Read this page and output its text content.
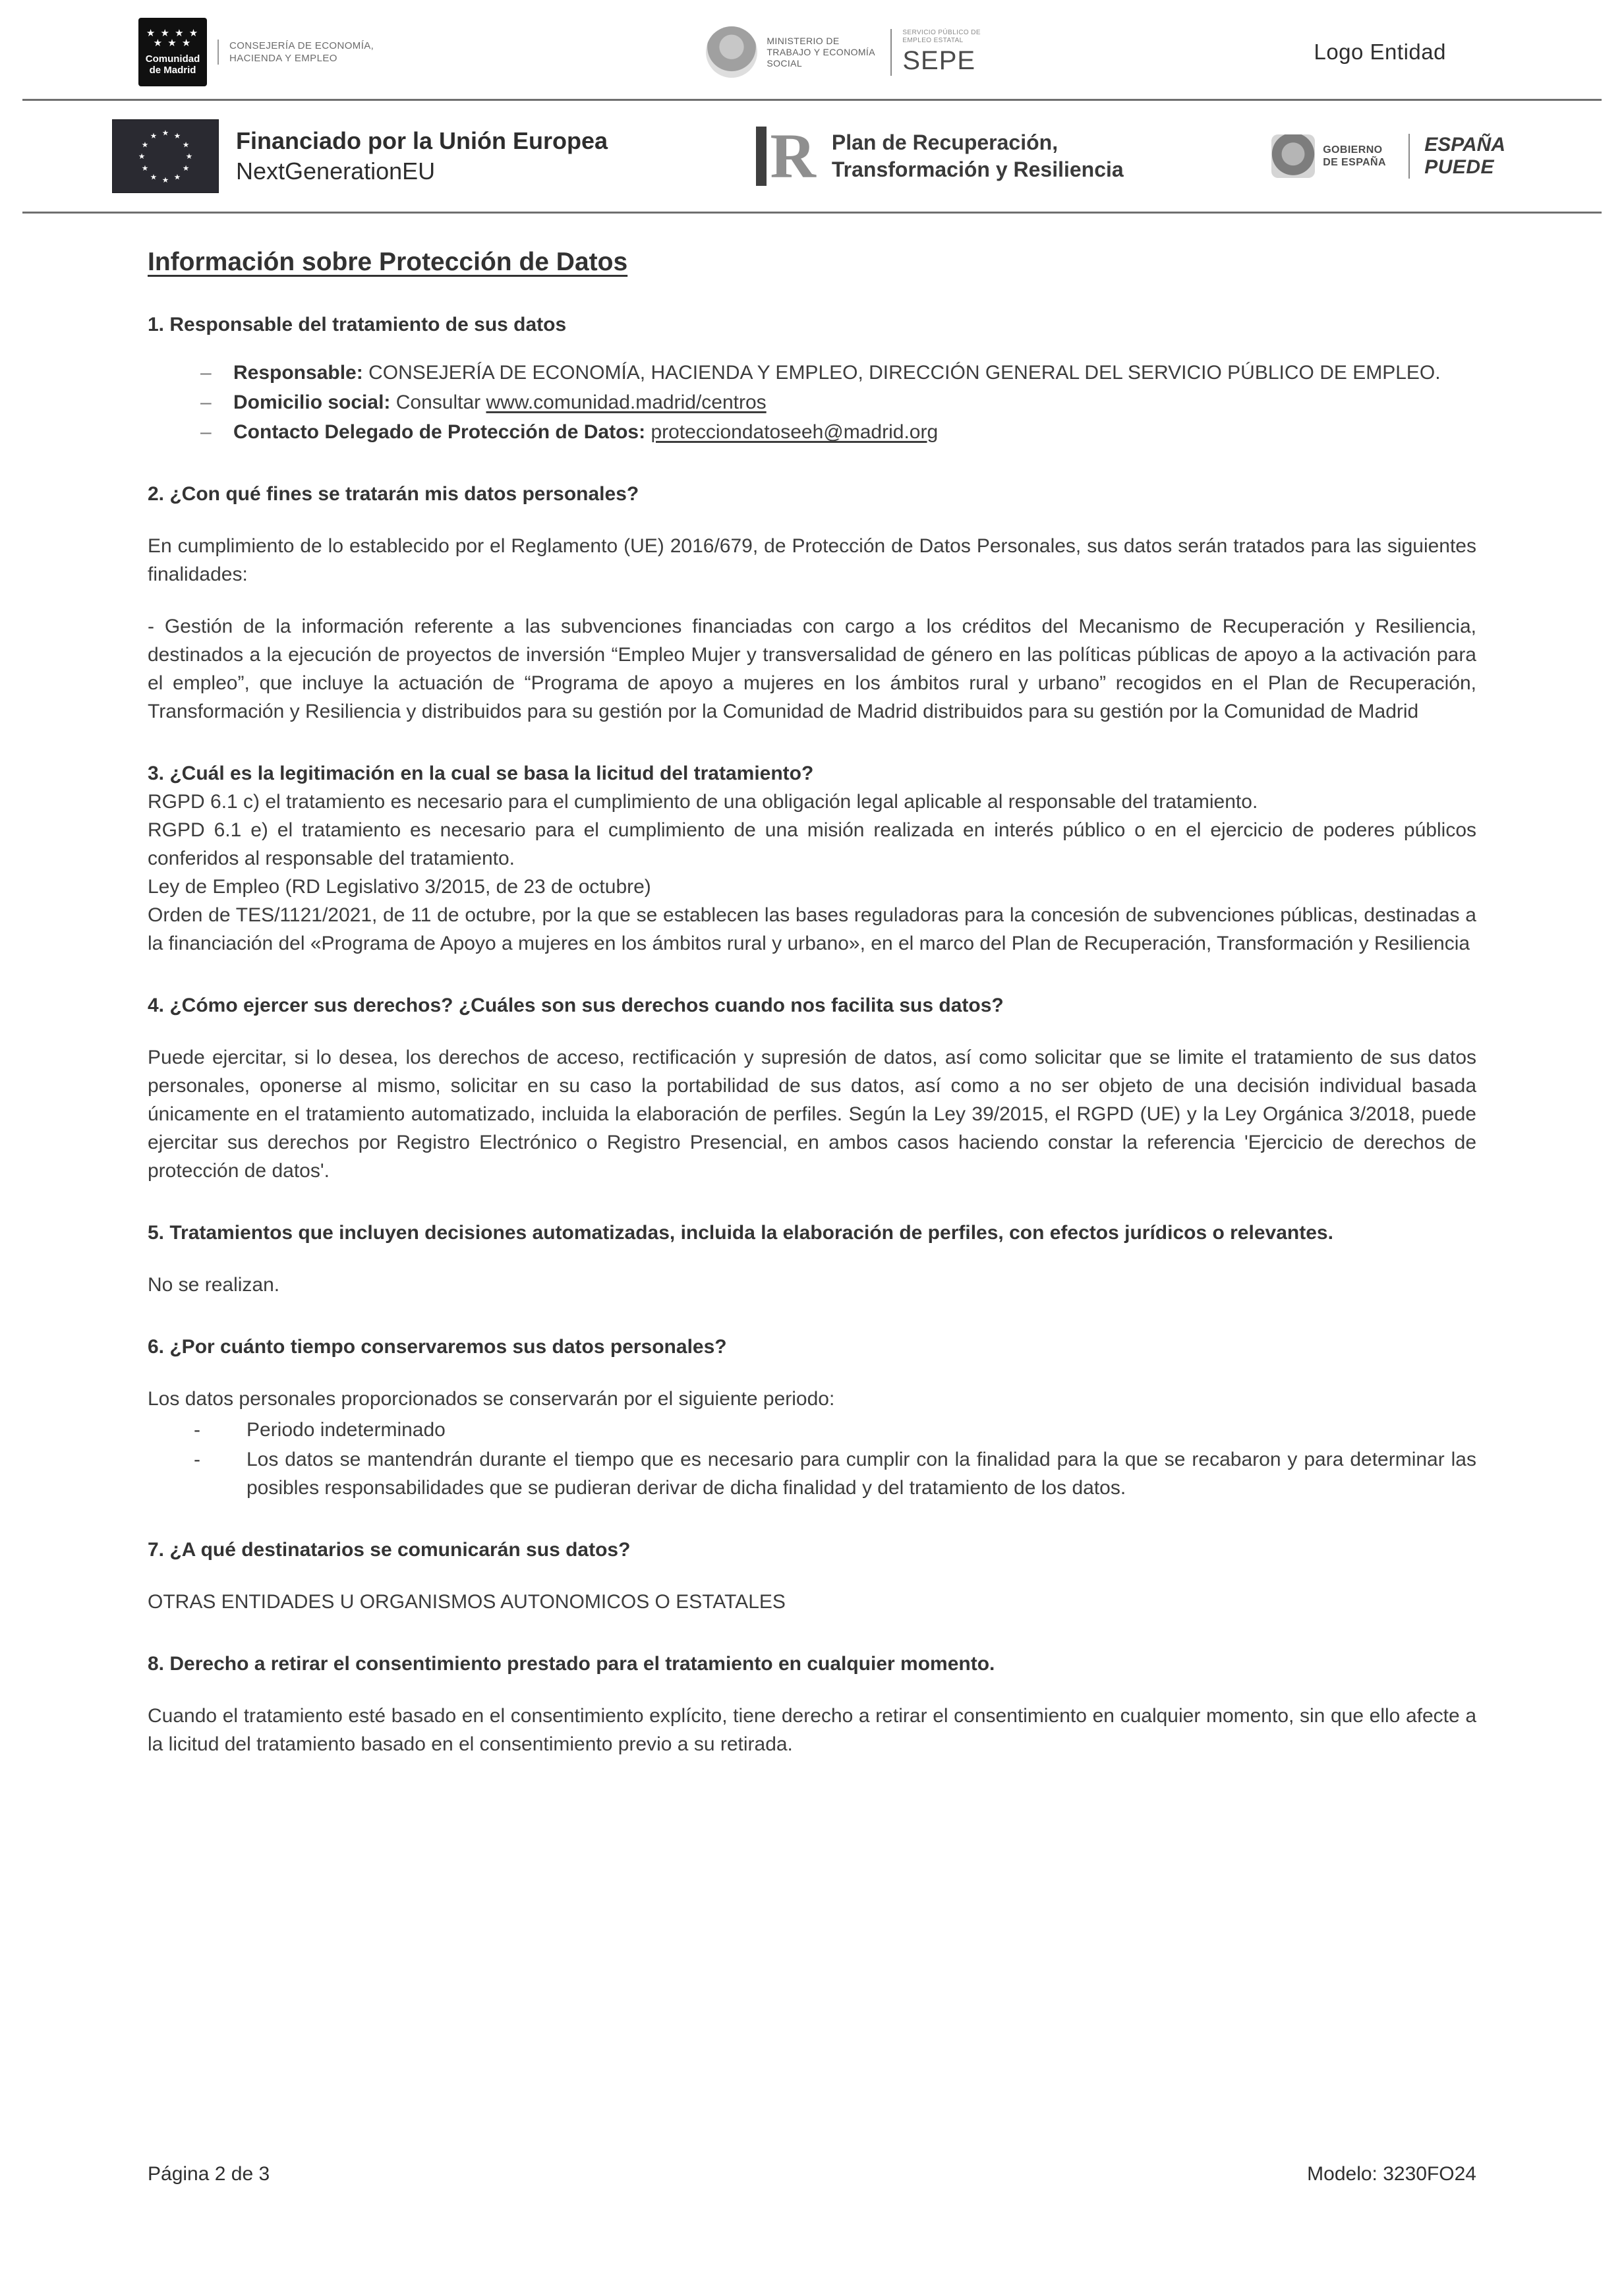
★ ★ ★ ★
★ ★ ★
Comunidad
de Madrid
CONSEJERÍA DE ECONOMÍA,
HACIENDA Y EMPLEO
MINISTERIO DE TRABAJO Y ECONOMÍA SOCIAL
SERVICIO PÚBLICO DE EMPLEO ESTATAL
SEPE	Logo Entidad
★ ★
★
★
★
★
★
★
★
★
★
★	Financiado por la Unión Europea
NextGenerationEU	R Plan de Recuperación,
Transformación y Resiliencia
GOBIERNO DE ESPAÑA
ESPAÑA
PUEDE
Información sobre Protección de Datos
1. Responsable del tratamiento de sus datos
–	Responsable: CONSEJERÍA DE ECONOMÍA, HACIENDA Y EMPLEO, DIRECCIÓN GENERAL DEL SERVICIO PÚBLICO DE EMPLEO.
–	Domicilio social: Consultar www.comunidad.madrid/centros
–	Contacto Delegado de Protección de Datos: protecciondatoseeh@madrid.org
2. ¿Con qué fines se tratarán mis datos personales?

En cumplimiento de lo establecido por el Reglamento (UE) 2016/679, de Protección de Datos Personales, sus datos serán tratados para las siguientes finalidades:

- Gestión de la información referente a las subvenciones financiadas con cargo a los créditos del Mecanismo de Recuperación y Resiliencia, destinados a la ejecución de proyectos de inversión “Empleo Mujer y transversalidad de género en las políticas públicas de apoyo a la activación para el empleo”, que incluye la actuación de “Programa de apoyo a mujeres en los ámbitos rural y urbano” recogidos en el Plan de Recuperación, Transformación y Resiliencia y distribuidos para su gestión por la Comunidad de Madrid distribuidos para su gestión por la Comunidad de Madrid

3. ¿Cuál es la legitimación en la cual se basa la licitud del tratamiento?

RGPD 6.1 c) el tratamiento es necesario para el cumplimiento de una obligación legal aplicable al responsable del tratamiento.

RGPD 6.1 e) el tratamiento es necesario para el cumplimiento de una misión realizada en interés público o en el ejercicio de poderes públicos conferidos al responsable del tratamiento.

Ley de Empleo (RD Legislativo 3/2015, de 23 de octubre)

Orden de TES/1121/2021, de 11 de octubre, por la que se establecen las bases reguladoras para la concesión de subvenciones públicas, destinadas a la financiación del «Programa de Apoyo a mujeres en los ámbitos rural y urbano», en el marco del Plan de Recuperación, Transformación y Resiliencia

4. ¿Cómo ejercer sus derechos? ¿Cuáles son sus derechos cuando nos facilita sus datos?

Puede ejercitar, si lo desea, los derechos de acceso, rectificación y supresión de datos, así como solicitar que se limite el tratamiento de sus datos personales, oponerse al mismo, solicitar en su caso la portabilidad de sus datos, así como a no ser objeto de una decisión individual basada únicamente en el tratamiento automatizado, incluida la elaboración de perfiles. Según la Ley 39/2015, el RGPD (UE) y la Ley Orgánica 3/2018, puede ejercitar sus derechos por Registro Electrónico o Registro Presencial, en ambos casos haciendo constar la referencia 'Ejercicio de derechos de protección de datos'.

5. Tratamientos que incluyen decisiones automatizadas, incluida la elaboración de perfiles, con efectos jurídicos o relevantes.

No se realizan.

6. ¿Por cuánto tiempo conservaremos sus datos personales?

Los datos personales proporcionados se conservarán por el siguiente periodo:

-	Periodo indeterminado
-	Los datos se mantendrán durante el tiempo que es necesario para cumplir con la finalidad para la que se recabaron y para determinar las posibles responsabilidades que se pudieran derivar de dicha finalidad y del tratamiento de los datos.
7. ¿A qué destinatarios se comunicarán sus datos?

OTRAS ENTIDADES U ORGANISMOS AUTONOMICOS O ESTATALES

8. Derecho a retirar el consentimiento prestado para el tratamiento en cualquier momento.

Cuando el tratamiento esté basado en el consentimiento explícito, tiene derecho a retirar el consentimiento en cualquier momento, sin que ello afecte a la licitud del tratamiento basado en el consentimiento previo a su retirada.

Página 2 de 3	Modelo: 3230FO24
